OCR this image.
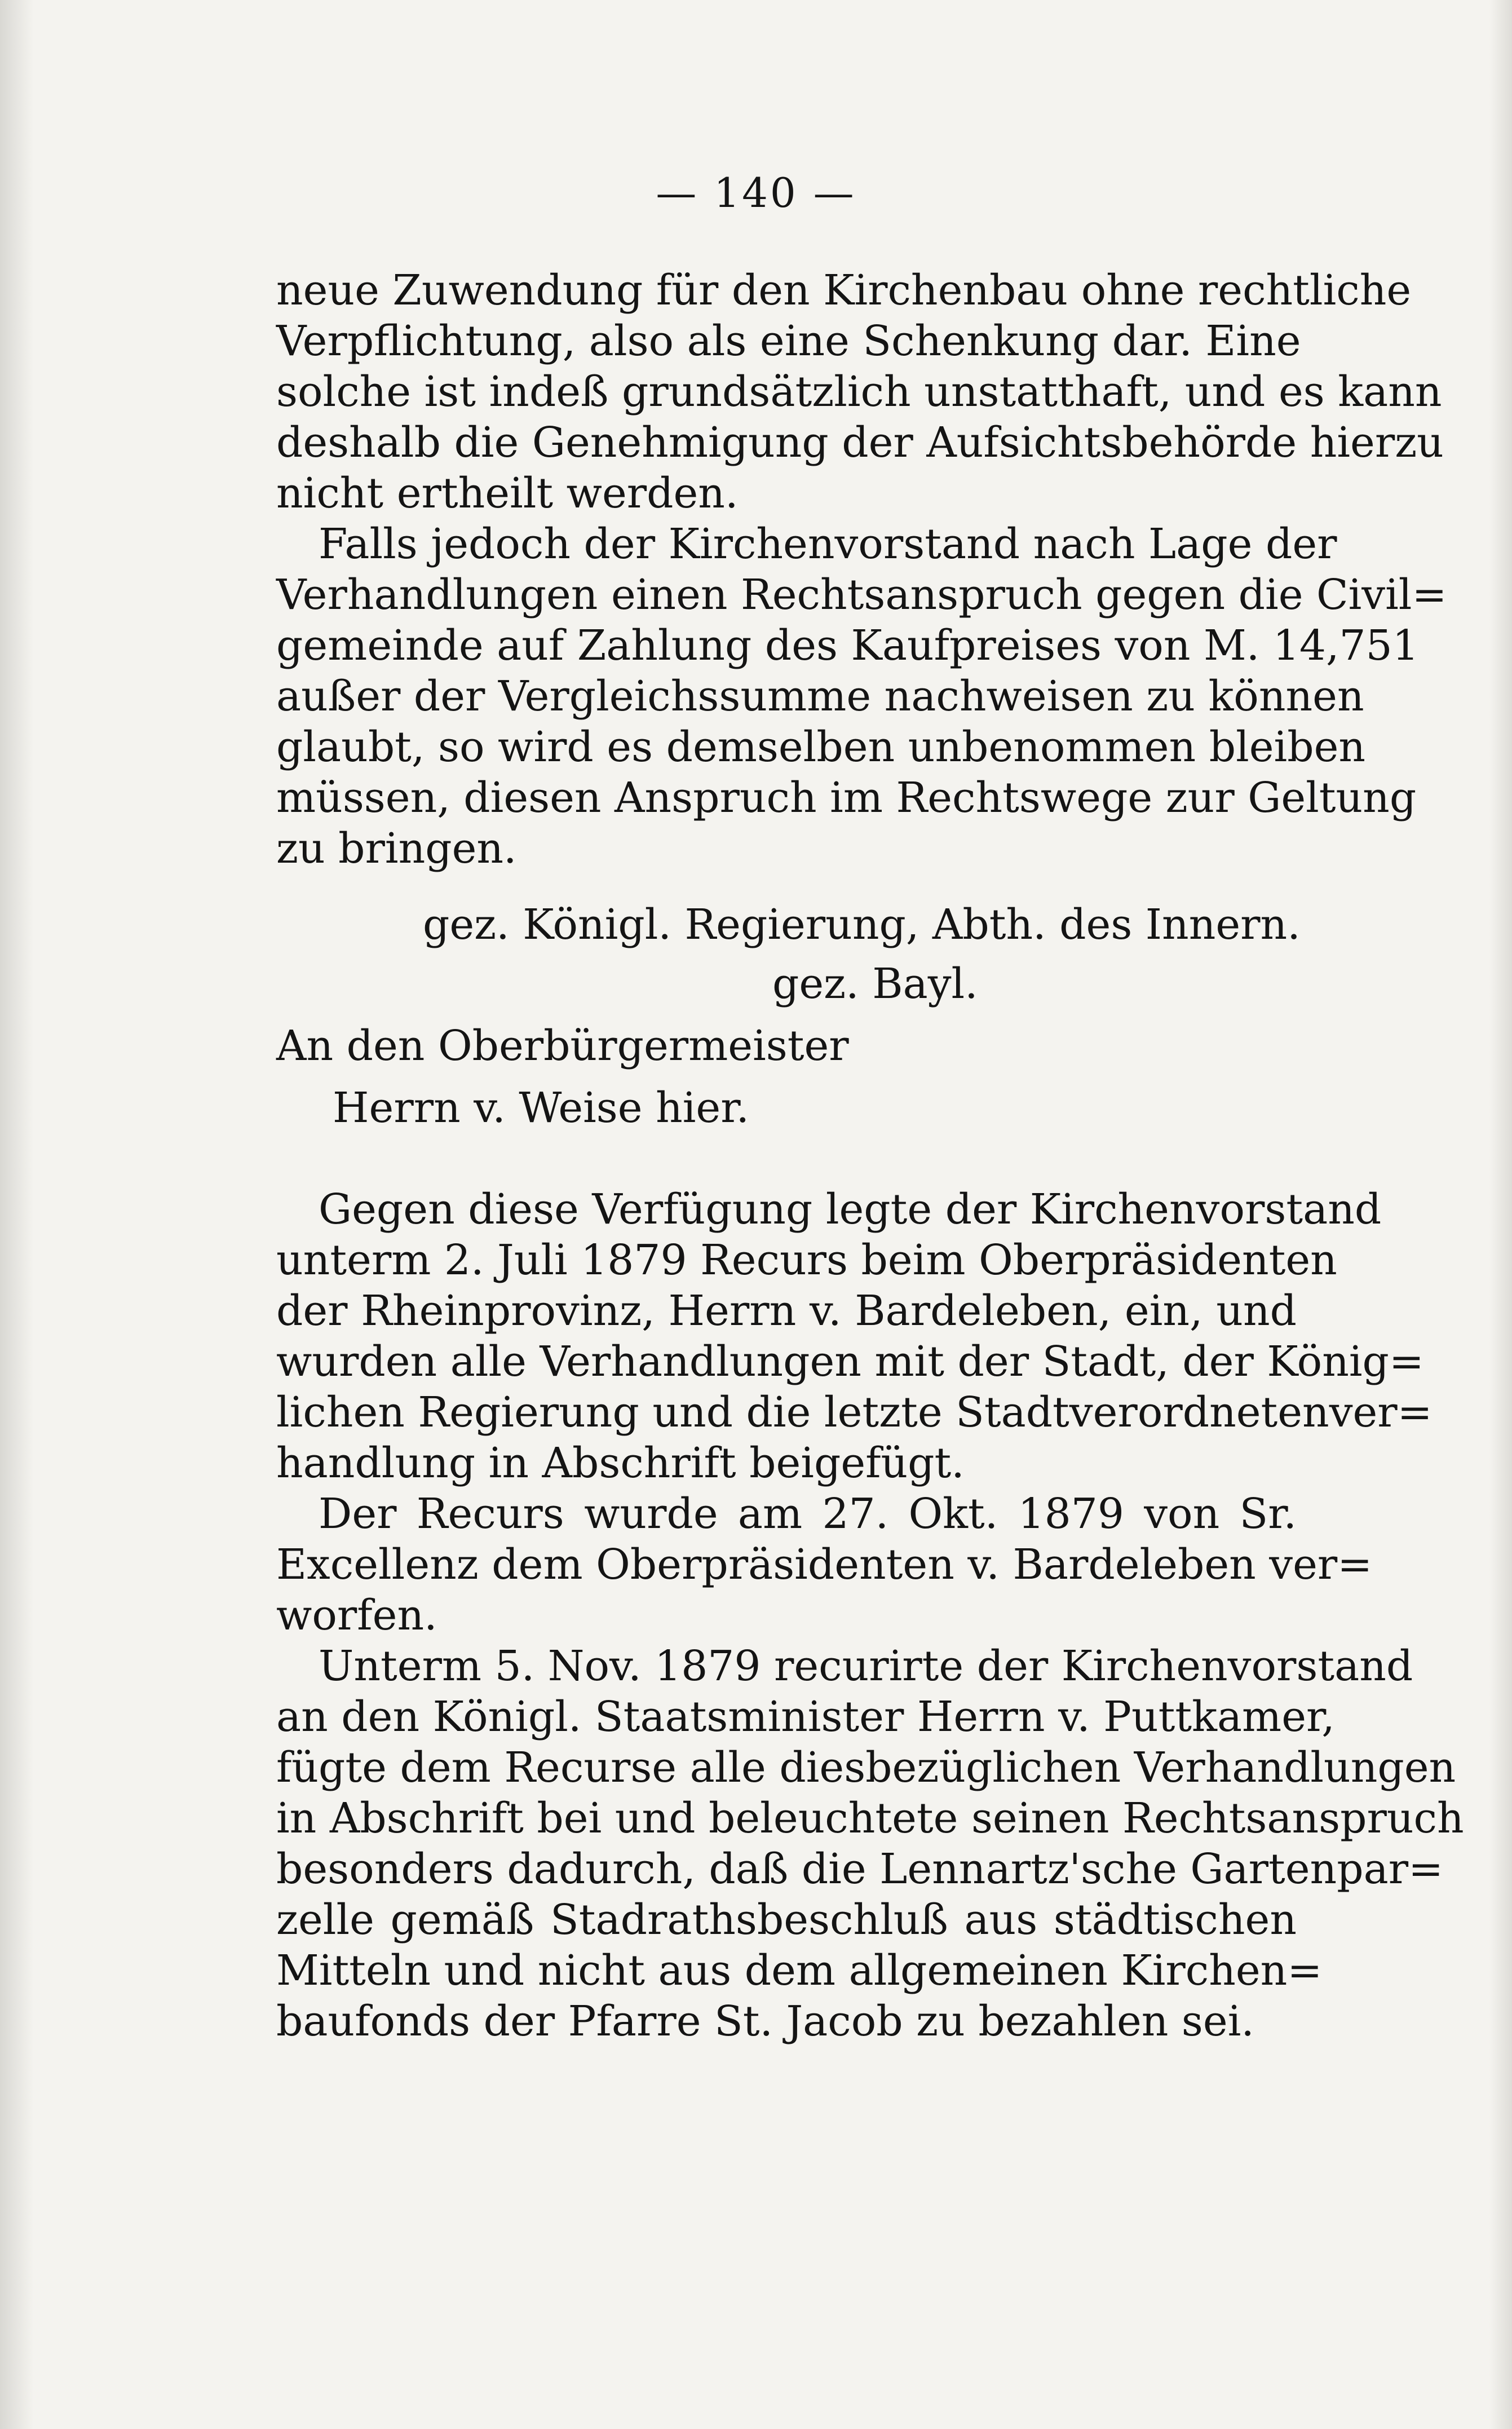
— 140 —
neue Zuwendung für den Kirchenbau ohne rechtliche
Verpflichtung, also als eine Schenkung dar. Eine
solche ist indeß grundsätzlich unstatthaft, und es kann
deshalb die Genehmigung der Aufsichtsbehörde hierzu
nicht ertheilt werden.
Falls jedoch der Kirchenvorstand nach Lage der
Verhandlungen einen Rechtsanspruch gegen die Civil=
gemeinde auf Zahlung des Kaufpreises von M. 14,751
außer der Vergleichssumme nachweisen zu können
glaubt, so wird es demselben unbenommen bleiben
müssen, diesen Anspruch im Rechtswege zur Geltung
zu bringen.
gez. Königl. Regierung, Abth. des Innern.
gez. Bayl.
An den Oberbürgermeister
Herrn v. Weise hier.
Gegen diese Verfügung legte der Kirchenvorstand
unterm 2. Juli 1879 Recurs beim Oberpräsidenten
der Rheinprovinz, Herrn v. Bardeleben, ein, und
wurden alle Verhandlungen mit der Stadt, der König=
lichen Regierung und die letzte Stadtverordnetenver=
handlung in Abschrift beigefügt.
Der Recurs wurde am 27. Okt. 1879 von Sr.
Excellenz dem Oberpräsidenten v. Bardeleben ver=
worfen.
Unterm 5. Nov. 1879 recurirte der Kirchenvorstand
an den Königl. Staatsminister Herrn v. Puttkamer,
fügte dem Recurse alle diesbezüglichen Verhandlungen
in Abschrift bei und beleuchtete seinen Rechtsanspruch
besonders dadurch, daß die Lennartz'sche Gartenpar=
zelle gemäß Stadrathsbeschluß aus städtischen
Mitteln und nicht aus dem allgemeinen Kirchen=
baufonds der Pfarre St. Jacob zu bezahlen sei.
